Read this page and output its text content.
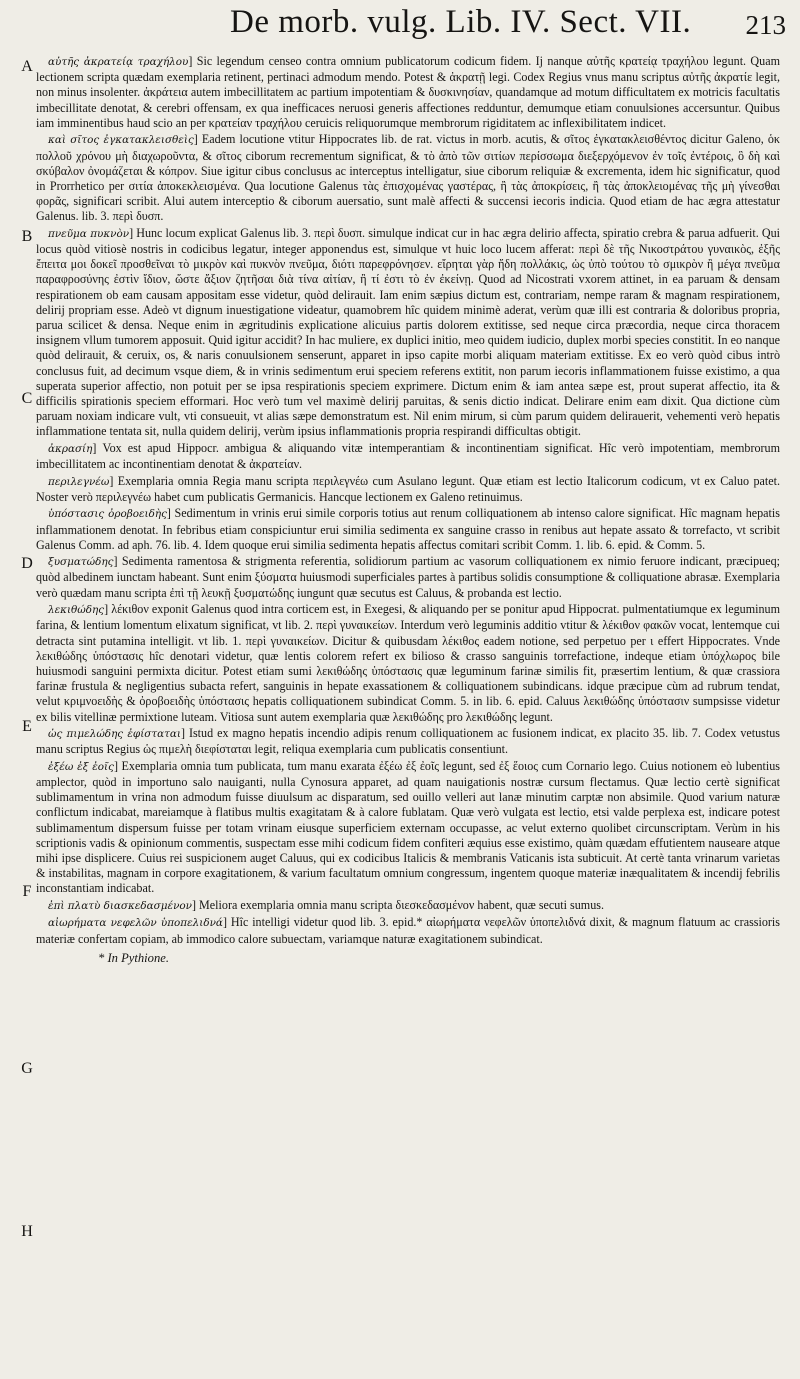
De morb. vulg. Lib. IV. Sect. VII. 213
A
B
C
D
E
F
G
H

αὐτῆς ἀκρατείᾳ τραχήλου] Sic legendum censeo contra omnium publicatorum codicum fidem. Ij nanque αὐτῆς κρατείᾳ τραχήλου legunt. Quam lectionem scripta quædam exemplaria retinent, pertinaci admodum mendo. Potest & ἀκρατῇ legi. Codex Regius vnus manu scriptus αὐτῆς ἀκρατίε legit, non minus insolenter. ἀκράτεια autem imbecillitatem ac partium impotentiam & δυσκινησίαν, quandamque ad motum difficultatem ex motricis facultatis imbecillitate denotat, & cerebri offensam, ex qua inefficaces neruosi generis affectiones redduntur, demumque etiam conuulsiones accersuntur. Quibus iam imminentibus haud scio an per κρατείαν τραχήλου ceruicis reliquorumque membrorum rigiditatem ac inflexibilitatem indicet.

καὶ σῖτος ἐγκατακλεισθεὶς] Eadem locutione vtitur Hippocrates lib. de rat. victus in morb. acutis, & σῖτος ἐγκατακλεισθέντος dicitur Galeno, ὁκ πολλοῦ χρόνου μὴ διαχωροῦντα, & σῖτος ciborum recrementum significat, & τὸ ἀπὸ τῶν σιτίων περίσσωμα διεξερχόμενον ἐν τοῖς ἐντέροις, ὃ δὴ καὶ σκύβαλον ὀνομάζεται & κόπρον. Siue igitur cibus conclusus ac interceptus intelligatur, siue ciborum reliquiæ & excrementa, idem hic significatur, quod in Prorrhetico per σιτία ἀποκεκλεισμένα. Qua locutione Galenus τὰς ἐπισχομένας γαστέρας, ἢ τὰς ἀποκρίσεις, ἢ τὰς ἀποκλειομένας τῆς μὴ γίνεσθαι φορᾶς, significari scribit. Alui autem interceptio & ciborum auersatio, sunt malè affecti & succensi iecoris indicia. Quod etiam de hac ægra attestatur Galenus. lib. 3. περὶ δυσπ.

πνεῦμα πυκνὸν] Hunc locum explicat Galenus lib. 3. περὶ δυσπ. simulque indicat cur in hac ægra delirio affecta, spiratio crebra & parua adfuerit. Qui locus quòd vitiosè nostris in codicibus legatur, integer apponendus est, simulque vt huic loco lucem afferat: περὶ δὲ τῆς Νικοστράτου γυναικὸς, ἐξῆς ἔπειτα μοι δοκεῖ προσθεῖναι τὸ μικρὸν καὶ πυκνὸν πνεῦμα, διότι παρεφρόνησεν. εἴρηται γὰρ ἤδη πολλάκις, ὡς ὑπὸ τούτου τὸ σμικρὸν ἢ μέγα πνεῦμα παραφροσύνης ἐστὶν ἴδιον, ὥστε ἄξιον ζητῆσαι διὰ τίνα αἰτίαν, ἢ τί ἐστι τὸ ἐν ἐκείνῃ. Quod ad Nicostrati vxorem attinet, in ea paruam & densam respirationem ob eam causam appositam esse videtur, quòd delirauit. Iam enim sæpius dictum est, contrariam, nempe raram & magnam respirationem, delirij propriam esse. Adeò vt dignum inuestigatione videatur, quamobrem hîc quidem minimè aderat, verùm quæ illi est contraria & doloribus propria, parua scilicet & densa. Neque enim in ægritudinis explicatione alicuius partis dolorem extitisse, sed neque circa præcordia, neque circa thoracem insignem vllum tumorem apposuit. Quid igitur accidit? In hac muliere, ex duplici initio, meo quidem iudicio, duplex morbi species constitit. In eo nanque quòd delirauit, & ceruix, os, & naris conuulsionem senserunt, apparet in ipso capite morbi aliquam materiam extitisse. Ex eo verò quòd cibus intrò conclusus fuit, ad decimum vsque diem, & in vrinis sedimentum erui speciem referens extitit, non parum iecoris inflammationem fuisse existimo, a qua superata superior affectio, non potuit per se ipsa respirationis speciem exprimere. Dictum enim & iam antea sæpe est, prout superat affectio, ita & difficilis spirationis speciem efformari. Hoc verò tum vel maximè delirij paruitas, & senis dictio indicat. Delirare enim eam dixit. Qua dictione cùm paruam noxiam indicare vult, vti consueuit, vt alias sæpe demonstratum est. Nil enim mirum, si cùm parum quidem delirauerit, vehementi verò hepatis inflammatione tentata sit, nulla quidem delirij, verùm ipsius inflammationis propria respirandi difficultas obtigit.

ἀκρασίη] Vox est apud Hippocr. ambigua & aliquando vitæ intemperantiam & incontinentiam significat. Hîc verò impotentiam, membrorum imbecillitatem ac incontinentiam denotat & ἀκρατείαν.

περιλεγνέω] Exemplaria omnia Regia manu scripta περιλεγνέω cum Asulano legunt. Quæ etiam est lectio Italicorum codicum, vt ex Caluo patet. Noster verò περιλεγνέω habet cum publicatis Germanicis. Hancque lectionem ex Galeno retinuimus.

ὑπόστασις ὀροβοειδὴς] Sedimentum in vrinis erui simile corporis totius aut renum colliquationem ab intenso calore significat. Hîc magnam hepatis inflammationem denotat. In febribus etiam conspiciuntur erui similia sedimenta ex sanguine crasso in renibus aut hepate assato & torrefacto, vt scribit Galenus Comm. ad aph. 76. lib. 4. Idem quoque erui similia sedimenta hepatis affectus comitari scribit Comm. 1. lib. 6. epid. & Comm. 5.

ξυσματώδης] Sedimenta ramentosa & strigmenta referentia, solidiorum partium ac vasorum colliquationem ex nimio feruore indicant, præcipueq; quòd albedinem iunctam habeant. Sunt enim ξύσματα huiusmodi superficiales partes à partibus solidis consumptione & colliquatione abrasæ. Exemplaria verò quædam manu scripta ἐπὶ τῇ λευκῇ ξυσματώδης iungunt quæ secutus est Caluus, & probanda est lectio.

λεκιθώδης] λέκιθον exponit Galenus quod intra corticem est, in Exegesi, & aliquando per se ponitur apud Hippocrat. pulmentatiumque ex leguminum farina, & lentium lomentum elixatum significat, vt lib. 2. περὶ γυναικείων. Interdum verò leguminis additio vtitur & λέκιθον φακῶν vocat, lentemque cui detracta sint putamina intelligit. vt lib. 1. περὶ γυναικείων. Dicitur & quibusdam λέκιθος eadem notione, sed perpetuo per ι effert Hippocrates. Vnde λεκιθώδης ὑπόστασις hîc denotari videtur, quæ lentis colorem refert ex bilioso & crasso sanguinis torrefactione, indeque etiam ὑπόχλωρος bile huiusmodi sanguini permixta dicitur. Potest etiam sumi λεκιθώδης ὑπόστασις quæ leguminum farinæ similis fit, præsertim lentium, & quæ crassiora farinæ frustula & negligentius subacta refert, sanguinis in hepate exassationem & colliquationem subindicans. idque præcipue cùm ad rubrum tendat, velut κριμνοειδὴς & ὀροβοειδὴς ὑπόστασις hepatis colliquationem subindicat Comm. 5. in lib. 6. epid. Caluus λεκιθώδης ὑπόστασιν sumpsisse videtur ex bilis vitellinæ permixtione luteam. Vitiosa sunt autem exemplaria quæ λεκιθώδης pro λεκιθώδης legunt.

ὡς πιμελώδης ἐφίσταται] Istud ex magno hepatis incendio adipis renum colliquationem ac fusionem indicat, ex placito 35. lib. 7. Codex vetustus manu scriptus Regius ὡς πιμελὴ διεφίσταται legit, reliqua exemplaria cum publicatis consentiunt.

ἐξέω ἐξ ἐοῖς] Exemplaria omnia tum publicata, tum manu exarata ἐξέω ἐξ ἐοῖς legunt, sed ἐξ ἕοιος cum Cornario lego. Cuius notionem eò lubentius amplector, quòd in importuno salo nauiganti, nulla Cynosura apparet, ad quam nauigationis nostræ cursum flectamus. Quæ lectio certè significat sublimamentum in vrina non admodum fuisse diuulsum ac disparatum, sed ouillo velleri aut lanæ minutim carptæ non absimile. Quod varium naturæ conflictum indicabat, mareiamque à flatibus multis exagitatam & à calore fublatam. Quæ verò vulgata est lectio, etsi valde perplexa est, indicare potest sublimamentum dispersum fuisse per totam vrinam eiusque superficiem externam occupasse, ac velut externo quolibet circunscriptam. Verùm in his scriptionis vadis & opinionum commentis, suspectam esse mihi codicum fidem confiteri æquius esse existimo, quàm quædam effutientem nauseare atque mihi ipse displicere. Cuius rei suspicionem auget Caluus, qui ex codicibus Italicis & membranis Vaticanis ista subticuit. At certè tanta vrinarum varietas & instabilitas, magnam in corpore exagitationem, & varium facultatum omnium congressum, ingentem quoque materiæ inæqualitatem & incendij febrilis inconstantiam indicabat.

ἐπὶ πλατὺ διασκεδασμένον] Meliora exemplaria omnia manu scripta διεσκεδασμένον habent, quæ secuti sumus.

αἰωρήματα νεφελῶν ὑποπελιδνά] Hîc intelligi videtur quod lib. 3. epid.* αἰωρήματα νεφελῶν ὑποπελιδνά dixit, & magnum flatuum ac crassioris materiæ confertam copiam, ab immodico calore subuectam, variamque naturæ exagitationem subindicat.

* In Pythione.
